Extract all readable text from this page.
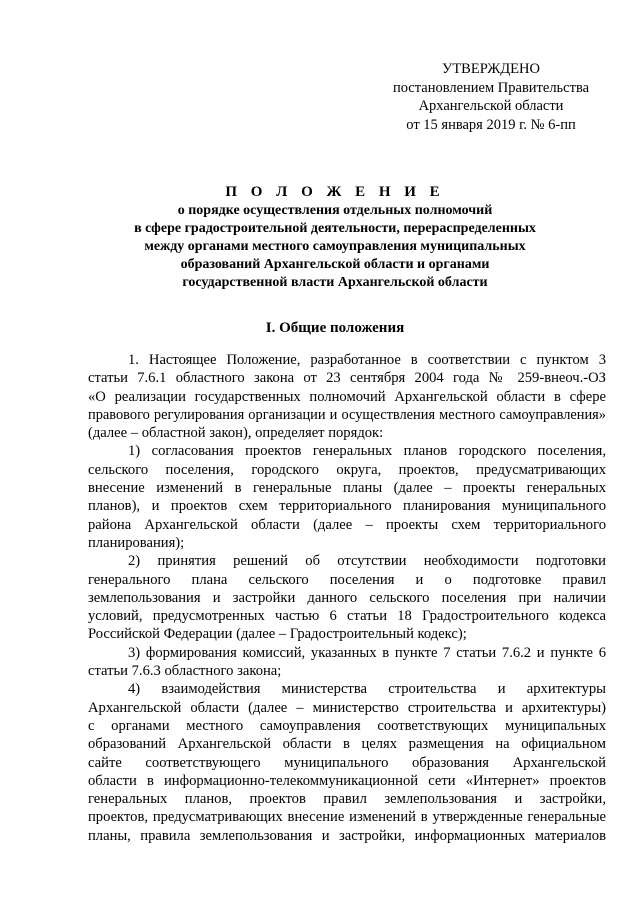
УТВЕРЖДЕНО
постановлением Правительства
Архангельской области
от 15 января 2019 г. № 6-пп
П О Л О Ж Е Н И Е
о порядке осуществления отдельных полномочий
в сфере градостроительной деятельности, перераспределенных
между органами местного самоуправления муниципальных
образований Архангельской области и органами
государственной власти Архангельской области
I. Общие положения

1. Настоящее Положение, разработанное в соответствии с пунктом 3
статьи 7.6.1 областного закона от 23 сентября 2004 года № 259-внеоч.-ОЗ
«О реализации государственных полномочий Архангельской области в сфере
правового регулирования организации и осуществления местного самоуправления»
(далее – областной закон), определяет порядок:

1) согласования проектов генеральных планов городского поселения,
сельского поселения, городского округа, проектов, предусматривающих
внесение изменений в генеральные планы (далее – проекты генеральных
планов), и проектов схем территориального планирования муниципального
района Архангельской области (далее – проекты схем территориального
планирования);

2) принятия решений об отсутствии необходимости подготовки
генерального плана сельского поселения и о подготовке правил
землепользования и застройки данного сельского поселения при наличии
условий, предусмотренных частью 6 статьи 18 Градостроительного кодекса
Российской Федерации (далее – Градостроительный кодекс);

3) формирования комиссий, указанных в пункте 7 статьи 7.6.2 и пункте 6
статьи 7.6.3 областного закона;

4) взаимодействия министерства строительства и архитектуры
Архангельской области (далее – министерство строительства и архитектуры)
с органами местного самоуправления соответствующих муниципальных
образований Архангельской области в целях размещения на официальном
сайте соответствующего муниципального образования Архангельской
области в информационно-телекоммуникационной сети «Интернет» проектов
генеральных планов, проектов правил землепользования и застройки,
проектов, предусматривающих внесение изменений в утвержденные генеральные
планы, правила землепользования и застройки, информационных материалов
